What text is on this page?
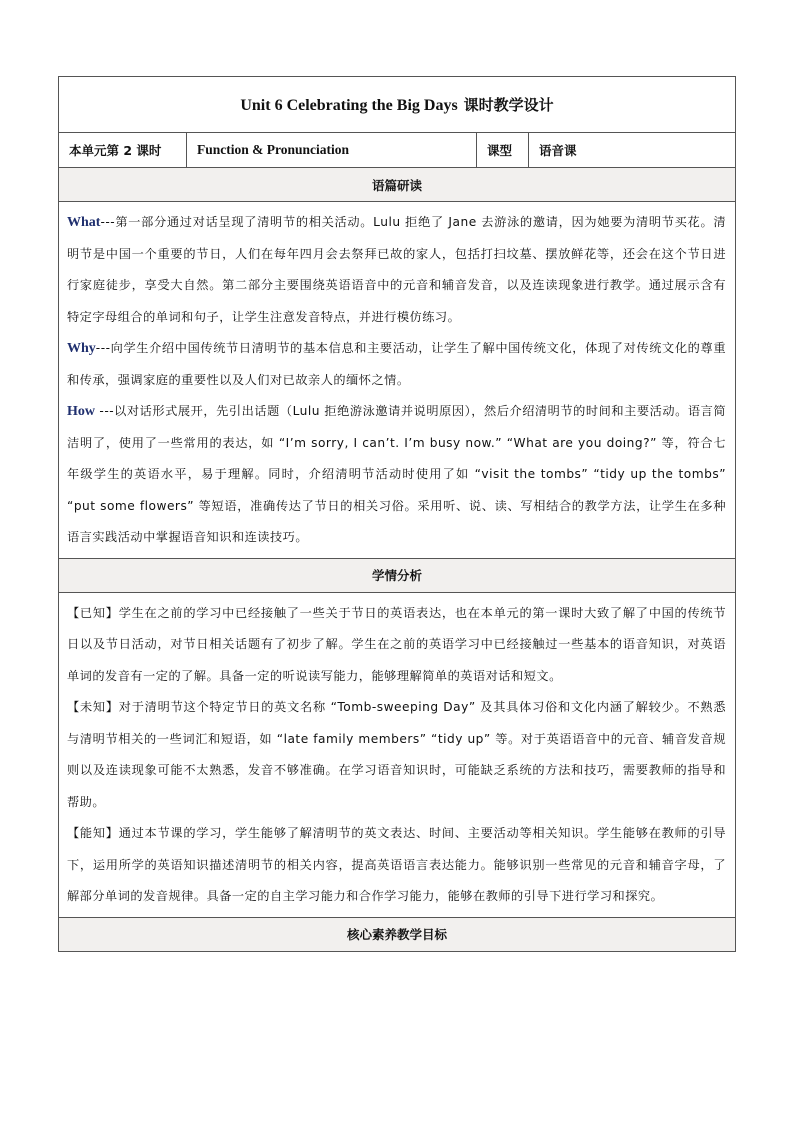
Unit 6 Celebrating the Big Days 课时教学设计
本单元第 2 课时	Function & Pronunciation	课型	语音课
语篇研读

What---第一部分通过对话呈现了清明节的相关活动。Lulu 拒绝了 Jane 去游泳的邀请，因为她要为清明节买花。清明节是中国一个重要的节日，人们在每年四月会去祭拜已故的家人，包括打扫坟墓、摆放鲜花等，还会在这个节日进行家庭徒步，享受大自然。第二部分主要围绕英语语音中的元音和辅音发音，以及连读现象进行教学。通过展示含有特定字母组合的单词和句子，让学生注意发音特点，并进行模仿练习。

Why---向学生介绍中国传统节日清明节的基本信息和主要活动，让学生了解中国传统文化，体现了对传统文化的尊重和传承，强调家庭的重要性以及人们对已故亲人的缅怀之情。

How ---以对话形式展开，先引出话题（Lulu 拒绝游泳邀请并说明原因），然后介绍清明节的时间和主要活动。语言简洁明了，使用了一些常用的表达，如 “I’m sorry, I can’t. I’m busy now.” “What are you doing?” 等，符合七年级学生的英语水平，易于理解。同时，介绍清明节活动时使用了如 “visit the tombs” “tidy up the tombs” “put some flowers” 等短语，准确传达了节日的相关习俗。采用听、说、读、写相结合的教学方法，让学生在多种语言实践活动中掌握语音知识和连读技巧。

学情分析

【已知】学生在之前的学习中已经接触了一些关于节日的英语表达，也在本单元的第一课时大致了解了中国的传统节日以及节日活动，对节日相关话题有了初步了解。学生在之前的英语学习中已经接触过一些基本的语音知识，对英语单词的发音有一定的了解。具备一定的听说读写能力，能够理解简单的英语对话和短文。

【未知】对于清明节这个特定节日的英文名称 “Tomb-sweeping Day” 及其具体习俗和文化内涵了解较少。不熟悉与清明节相关的一些词汇和短语，如 “late family members” “tidy up” 等。对于英语语音中的元音、辅音发音规则以及连读现象可能不太熟悉，发音不够准确。在学习语音知识时，可能缺乏系统的方法和技巧，需要教师的指导和帮助。

【能知】通过本节课的学习，学生能够了解清明节的英文表达、时间、主要活动等相关知识。学生能够在教师的引导下，运用所学的英语知识描述清明节的相关内容，提高英语语言表达能力。能够识别一些常见的元音和辅音字母，了解部分单词的发音规律。具备一定的自主学习能力和合作学习能力，能够在教师的引导下进行学习和探究。

核心素养教学目标
